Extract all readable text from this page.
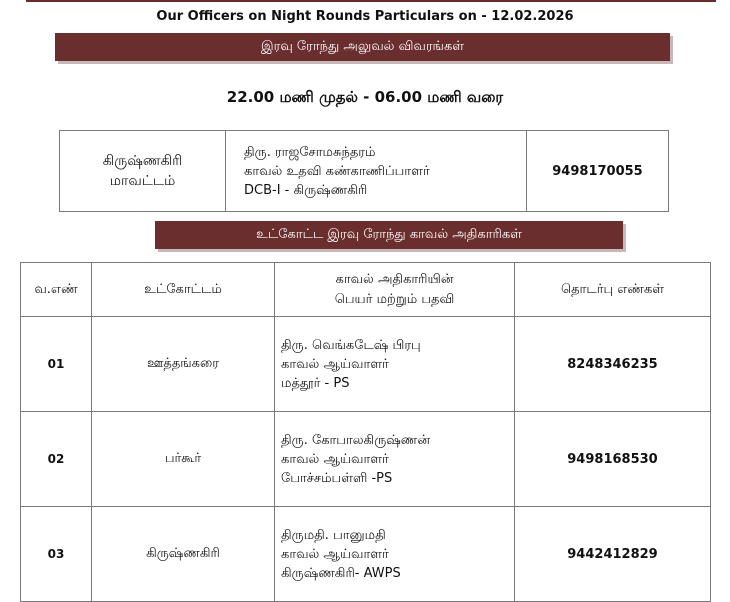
Our Officers on Night Rounds Particulars on - 12.02.2026
இரவு ரோந்து அலுவல் விவரங்கள்
22.00 மணி முதல் - 06.00 மணி வரை
கிருஷ்ணகிரி
மாவட்டம்

திரு. ராஜசோமசுந்தரம்
காவல் உதவி கண்காணிப்பாளர்
DCB-I - கிருஷ்ணகிரி
	9498170055
உட்கோட்ட இரவு ரோந்து காவல் அதிகாரிகள்
வ.எண்	உட்கோட்டம்	காவல் அதிகாரியின்
பெயர் மற்றும் பதவி	தொடர்பு எண்கள்
01	ஊத்தங்கரை	திரு. வெங்கடேஷ் பிரபு
காவல் ஆய்வாளர்
மத்தூர் - PS	8248346235
02	பர்கூர்	திரு. கோபாலகிருஷ்ணன்
காவல் ஆய்வாளர்
போச்சம்பள்ளி -PS	9498168530
03	கிருஷ்ணகிரி	திருமதி. பானுமதி
காவல் ஆய்வாளர்
கிருஷ்ணகிரி- AWPS	9442412829
